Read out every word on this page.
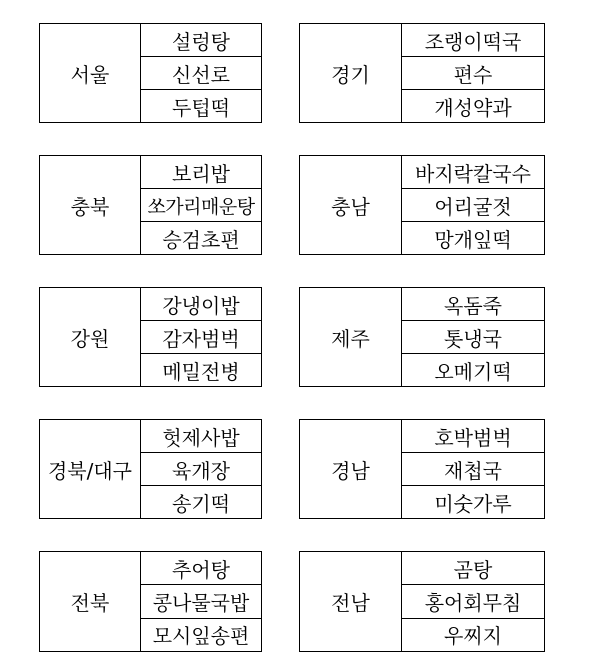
서울
설렁탕
신선로
두텁떡
경기
조랭이떡국
편수
개성약과
충북
보리밥
쏘가리매운탕
승검초편
충남
바지락칼국수
어리굴젓
망개잎떡
강원
강냉이밥
감자범벅
메밀전병
제주
옥돔죽
톳냉국
오메기떡
경북/대구
헛제사밥
육개장
송기떡
경남
호박범벅
재첩국
미숫가루
전북
추어탕
콩나물국밥
모시잎송편
전남
곰탕
홍어회무침
우찌지
